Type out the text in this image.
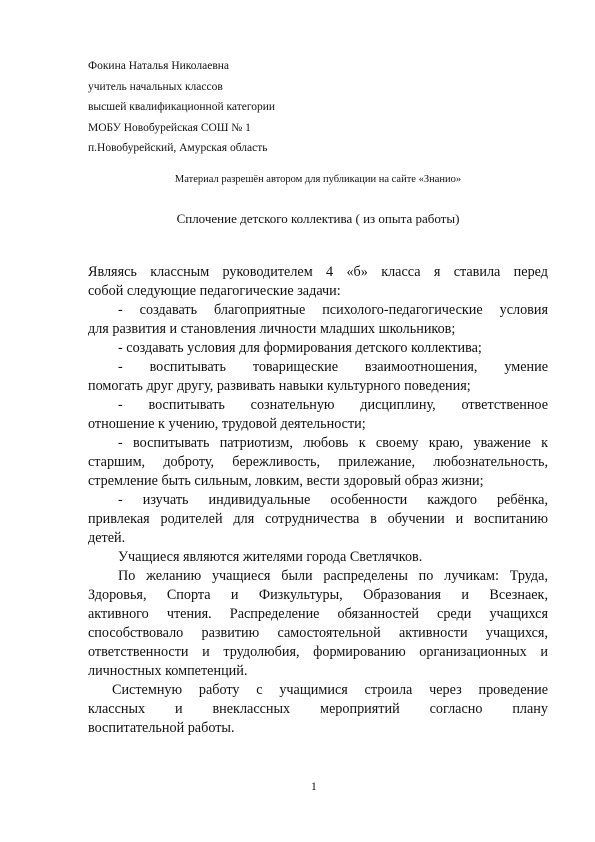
Фокина Наталья Николаевна
учитель начальных классов
высшей квалификационной категории
МОБУ Новобурейская СОШ № 1
п.Новобурейский, Амурская область
Материал разрешён автором для публикации на сайте «Знанио»
Сплочение детского коллектива ( из опыта работы)
Являясь классным руководителем 4 «б» класса я ставила перед
собой следующие педагогические задачи:
- создавать благоприятные психолого-педагогические условия
для развития и становления личности младших школьников;
- создавать условия для формирования детского коллектива;
- воспитывать товарищеские взаимоотношения, умение
помогать друг другу, развивать навыки культурного поведения;
- воспитывать сознательную дисциплину, ответственное
отношение к учению, трудовой деятельности;
- воспитывать патриотизм, любовь к своему краю, уважение к
старшим, доброту, бережливость, прилежание, любознательность,
стремление быть сильным, ловким, вести здоровый образ жизни;
- изучать индивидуальные особенности каждого ребёнка,
привлекая родителей для сотрудничества в обучении и воспитанию
детей.
Учащиеся являются жителями города Светлячков.
По желанию учащиеся были распределены по лучикам: Труда,
Здоровья, Спорта и Физкультуры, Образования и Всезнаек,
активного чтения. Распределение обязанностей среди учащихся
способствовало развитию самостоятельной активности учащихся,
ответственности и трудолюбия, формированию организационных и
личностных компетенций.
Системную работу с учащимися строила через проведение
классных и внеклассных мероприятий согласно плану
воспитательной работы.
1
